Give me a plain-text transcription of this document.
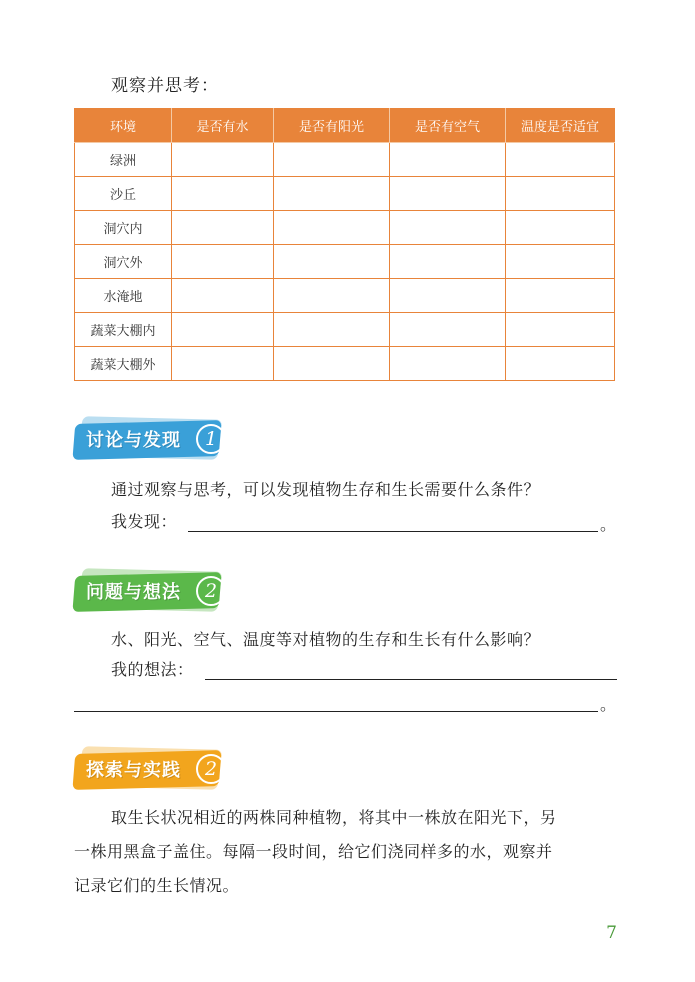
观察并思考：
环境	是否有水	是否有阳光	是否有空气	温度是否适宜
绿洲				
沙丘				
洞穴内				
洞穴外				
水淹地				
蔬菜大棚内				
蔬菜大棚外				
讨论与发现	1
通过观察与思考，可以发现植物生存和生长需要什么条件？
我发现：	。
问题与想法	2
水、阳光、空气、温度等对植物的生存和生长有什么影响？
我的想法：
。
探索与实践	2
取生长状况相近的两株同种植物，将其中一株放在阳光下，另
一株用黑盒子盖住。每隔一段时间，给它们浇同样多的水，观察并
记录它们的生长情况。
7
